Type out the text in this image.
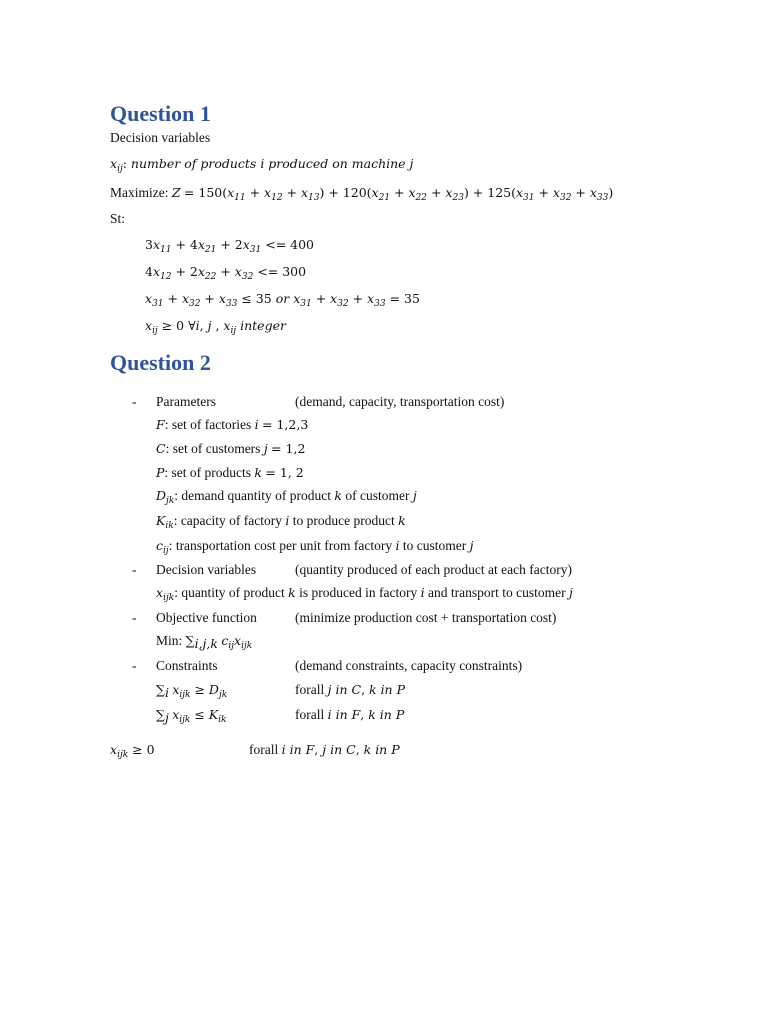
Question 1
Decision variables
$x_{ij}$: number of products i produced on machine j
Maximize: $Z = 150(x_{11} + x_{12} + x_{13}) + 120(x_{21} + x_{22} + x_{23}) + 125(x_{31} + x_{32} + x_{33})$
St:
$3x_{11} + 4x_{21} + 2x_{31} <= 400$
$4x_{12} + 2x_{22} + x_{32} <= 300$
$x_{31} + x_{32} + x_{33} \le 35$ or $x_{31} + x_{32} + x_{33} = 35$
$x_{ij} \ge 0$ ∀i, j , $x_{ij}$ integer
Question 2
- Parameters	(demand, capacity, transportation cost)
F: set of factories i = 1,2,3
C: set of customers j = 1,2
P: set of products k = 1, 2
$D_{jk}$: demand quantity of product k of customer j
$K_{ik}$: capacity of factory i to produce product k
$c_{ij}$: transportation cost per unit from factory i to customer j
- Decision variables	(quantity produced of each product at each factory)
$x_{ijk}$: quantity of product k is produced in factory i and transport to customer j
- Objective function	(minimize production cost + transportation cost)
Min: $\sum_{i,j,k}$ $c_{ij}x_{ijk}$
- Constraints	(demand constraints, capacity constraints)
$\sum_i$ $x_{ijk} \ge D_{jk}$	forall j in C, k in P
$\sum_j$ $x_{ijk} \le K_{ik}$	forall i in F, k in P
$x_{ijk} \ge 0$	forall i in F, j in C, k in P
